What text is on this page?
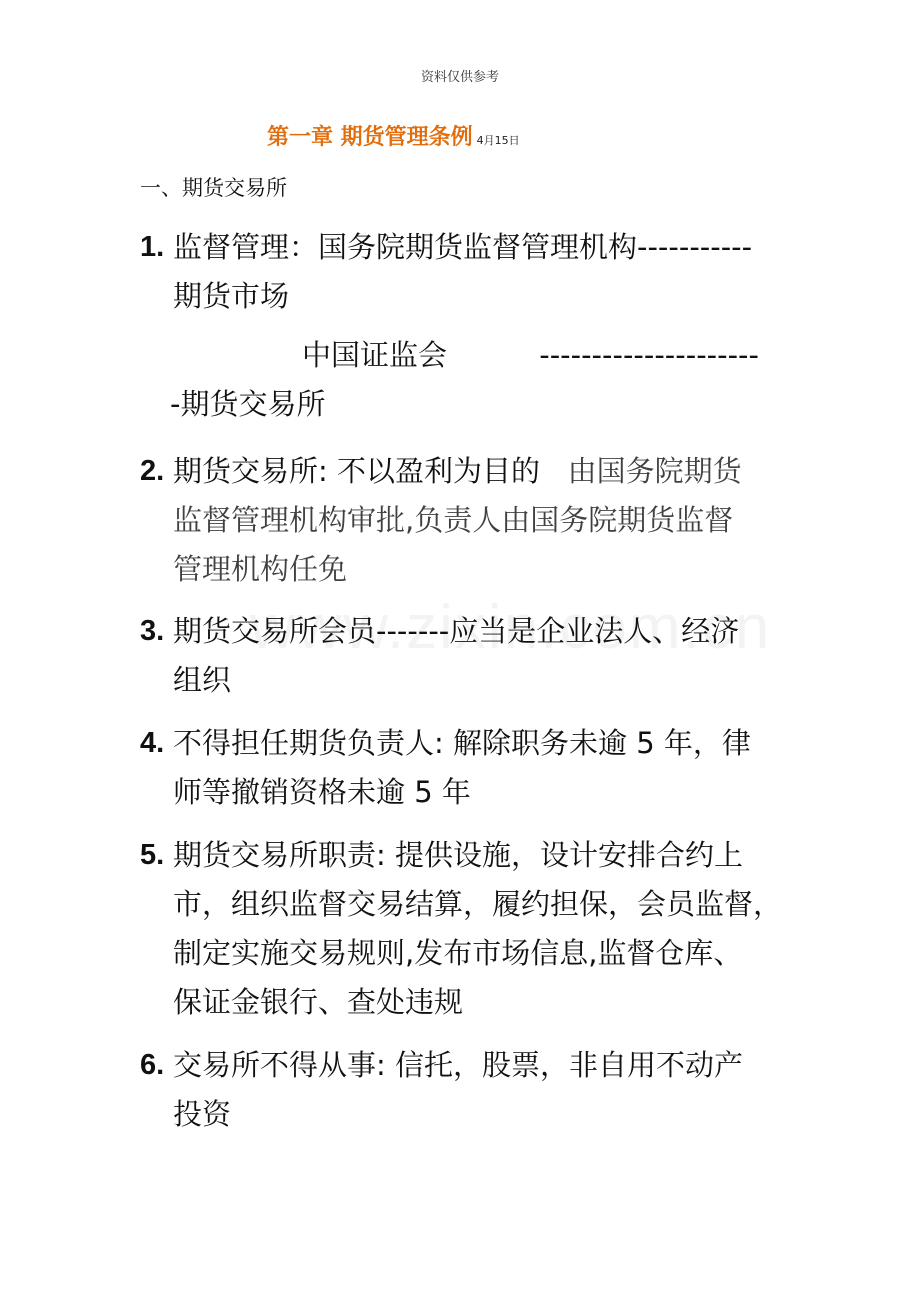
资料仅供参考
第一章 期货管理条例 4月15日
一、期货交易所
1. 监督管理：国务院期货监督管理机构-----------
期货市场
中国证监会          ---------------------
-期货交易所
2. 期货交易所: 不以盈利为目的   由国务院期货
监督管理机构审批,负责人由国务院期货监督
管理机构任免
3. 期货交易所会员-------应当是企业法人、经济
组织
4. 不得担任期货负责人: 解除职务未逾 5 年，律
师等撤销资格未逾 5 年
5. 期货交易所职责: 提供设施，设计安排合约上
市，组织监督交易结算，履约担保，会员监督，
制定实施交易规则,发布市场信息,监督仓库、
保证金银行、查处违规
6. 交易所不得从事: 信托，股票，非自用不动产
投资
